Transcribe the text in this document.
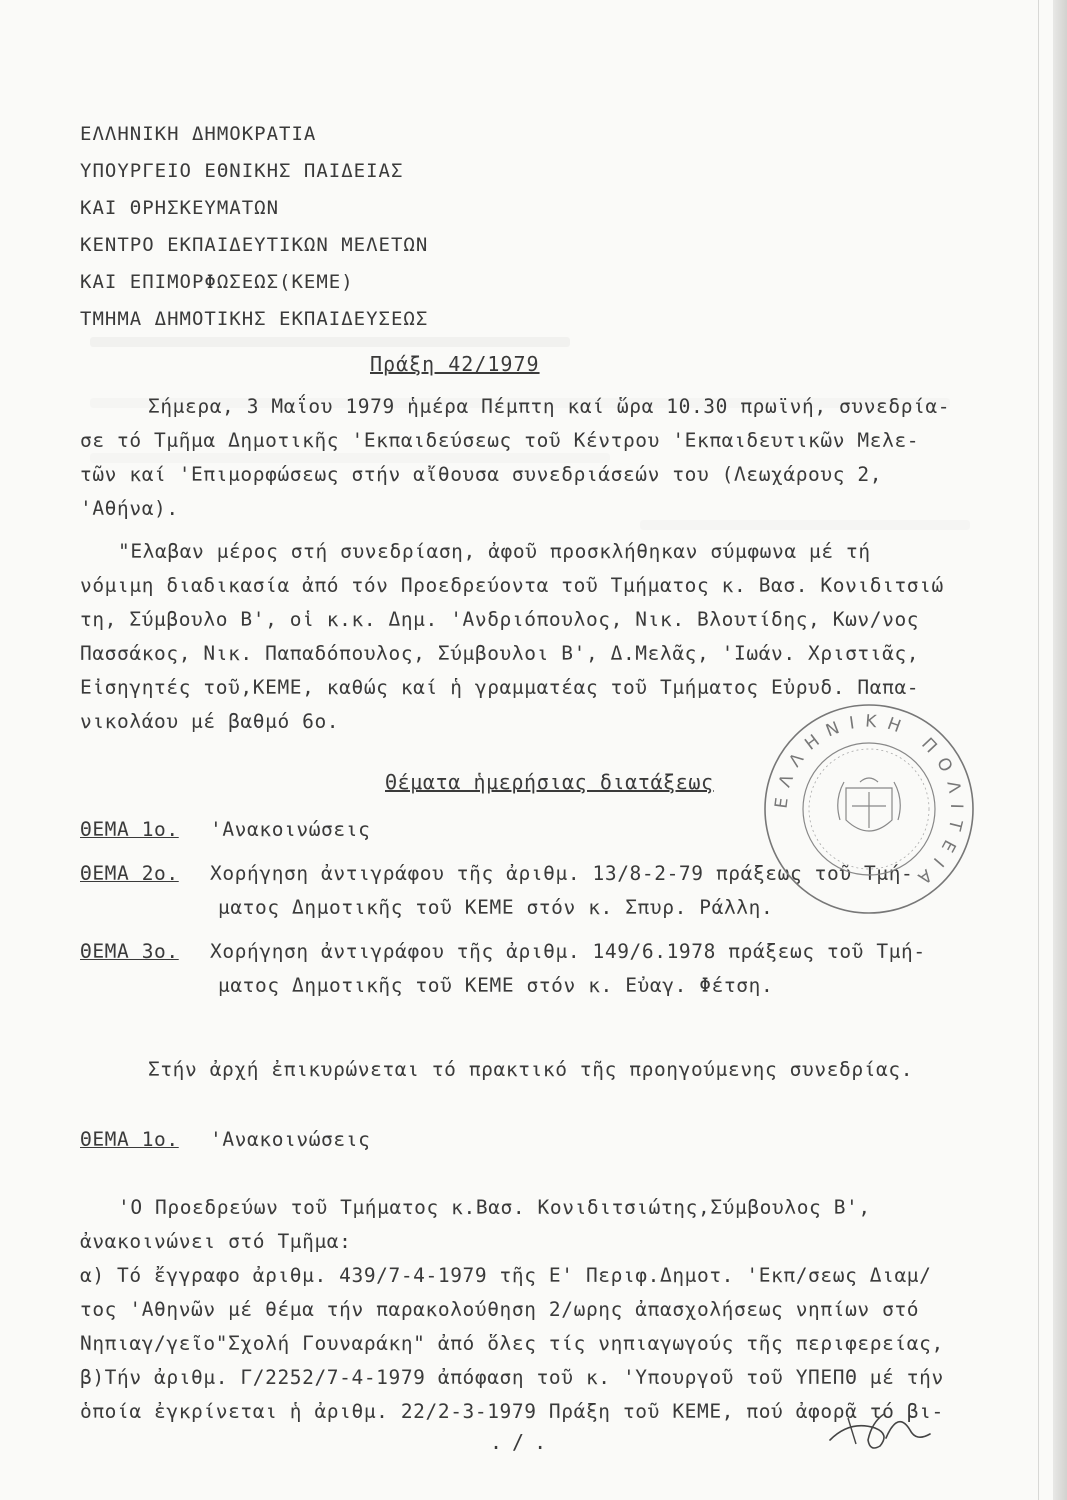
ΕΛΛΗΝΙΚΗ ΔΗΜΟΚΡΑΤΙΑ
ΥΠΟΥΡΓΕΙΟ ΕΘΝΙΚΗΣ ΠΑΙΔΕΙΑΣ
ΚΑΙ ΘΡΗΣΚΕΥΜΑΤΩΝ
ΚΕΝΤΡΟ ΕΚΠΑΙΔΕΥΤΙΚΩΝ ΜΕΛΕΤΩΝ
ΚΑΙ ΕΠΙΜΟΡΦΩΣΕΩΣ(ΚΕΜΕ)
ΤΜΗΜΑ ΔΗΜΟΤΙΚΗΣ ΕΚΠΑΙΔΕΥΣΕΩΣ
Πράξη 42/1979
Σήμερα, 3 Μαΐου 1979 ἡμέρα Πέμπτη καί ὥρα 10.30 πρωϊνή, συνεδρία-
σε τό Τμῆμα Δημοτικῆς 'Εκπαιδεύσεως τοῦ Κέντρου 'Εκπαιδευτικῶν Μελε-
τῶν καί 'Επιμορφώσεως στήν αἴθουσα συνεδριάσεών του (Λεωχάρους 2,
'Αθήνα).
"Ελαβαν μέρος στή συνεδρίαση, ἀφοῦ προσκλήθηκαν σύμφωνα μέ τή
νόμιμη διαδικασία ἀπό τόν Προεδρεύοντα τοῦ Τμήματος κ. Βασ. Κονιδιτσιώ
τη, Σύμβουλο Β', οἱ κ.κ. Δημ. 'Ανδριόπουλος, Νικ. Βλουτίδης, Κων/νος
Πασσάκος, Νικ. Παπαδόπουλος, Σύμβουλοι Β', Δ.Μελᾶς, 'Ιωάν. Χριστιᾶς,
Εἰσηγητές τοῦ,ΚΕΜΕ, καθώς καί ἡ γραμματέας τοῦ Τμήματος Εὐρυδ. Παπα-
νικολάου μέ βαθμό 6ο.
Θέματα ἡμερήσιας διατάξεως
ΘΕΜΑ 1ο. 'Ανακοινώσεις
ΘΕΜΑ 2ο. Χορήγηση ἀντιγράφου τῆς ἀριθμ. 13/8-2-79 πράξεως τοῦ Τμή-
ματος Δημοτικῆς τοῦ ΚΕΜΕ στόν κ. Σπυρ. Ράλλη.
ΘΕΜΑ 3ο. Χορήγηση ἀντιγράφου τῆς ἀριθμ. 149/6.1978 πράξεως τοῦ Τμή-
ματος Δημοτικῆς τοῦ ΚΕΜΕ στόν κ. Εὐαγ. Φέτση.
Στήν ἀρχή ἐπικυρώνεται τό πρακτικό τῆς προηγούμενης συνεδρίας.
ΘΕΜΑ 1ο. 'Ανακοινώσεις
'Ο Προεδρεύων τοῦ Τμήματος κ.Βασ. Κονιδιτσιώτης,Σύμβουλος Β',
ἀνακοινώνει στό Τμῆμα:
α) Τό ἔγγραφο ἀριθμ. 439/7-4-1979 τῆς Ε' Περιφ.Δημοτ. 'Εκπ/σεως Διαμ/
τος 'Αθηνῶν μέ θέμα τήν παρακολούθηση 2/ωρης ἀπασχολήσεως νηπίων στό
Νηπιαγ/γεῖο"Σχολή Γουναράκη" ἀπό ὅλες τίς νηπιαγωγούς τῆς περιφερείας,
β)Τήν ἀριθμ. Γ/2252/7-4-1979 ἀπόφαση τοῦ κ. 'Υπουργοῦ τοῦ ΥΠΕΠΘ μέ τήν
ὁποία ἐγκρίνεται ἡ ἀριθμ. 22/2-3-1979 Πράξη τοῦ ΚΕΜΕ, πού ἀφορᾶ τό βι-
ΕΛΛΗΝΙΚΗ ΠΟΛΙΤΕΙΑ
./.
